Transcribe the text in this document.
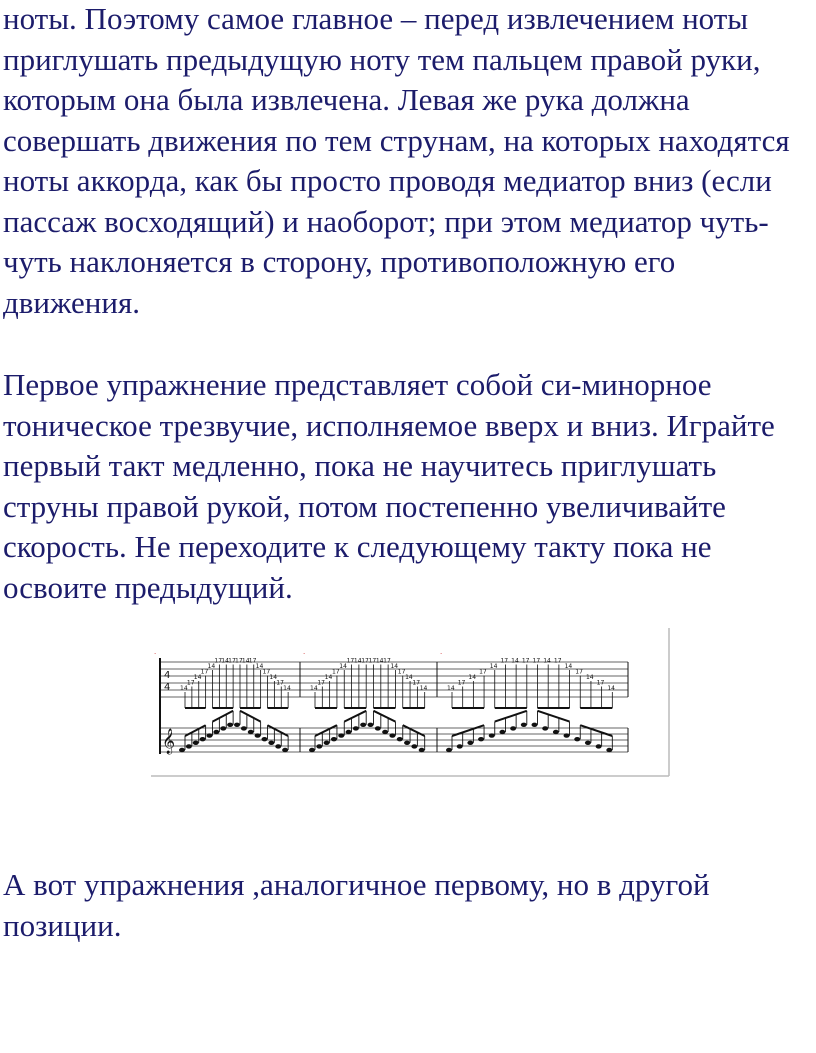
ноты. Поэтому самое главное – перед извлечением ноты приглушать предыдущую ноту тем пальцем правой руки, которым она была извлечена. Левая же рука должна совершать движения по тем струнам, на которых находятся ноты аккорда, как бы просто проводя медиатор вниз (если пассаж восходящий) и наоборот; при этом медиатор чуть-чуть наклоняется в сторону, противоположную его движения.

Первое упражнение представляет собой си-минорное тоническое трезвучие, исполняемое вверх и вниз. Играйте первый такт медленно, пока не научитесь приглушать струны правой рукой, потом постепенно увеличивайте скорость. Не переходите к следующему такту пока не освоите предыдущий.

4
4
𝄞
·	·	·
14
17
14
17
14
17 14 17 17 14 17
14
17
14
17
14	14
17
14
17
14
17 14 17 17 14 17
14
17
14
17
14	14
17
14
17
14
17 14 17 17 14 17
14
17
14
17
14

А вот упражнения ,аналогичное первому, но в другой позиции.
